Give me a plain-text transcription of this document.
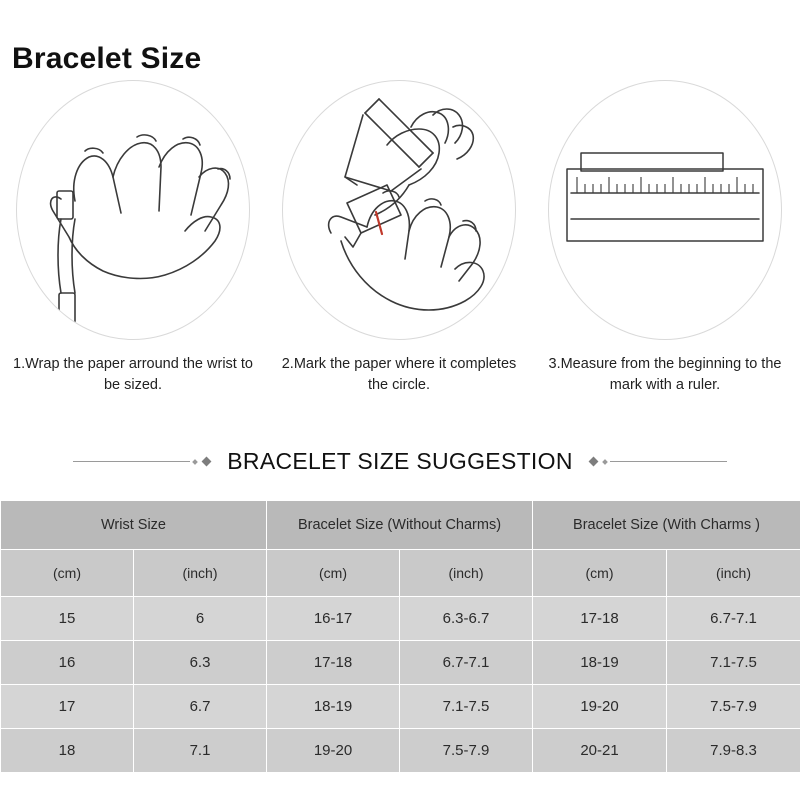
Bracelet Size
1.Wrap the paper arround the wrist to be sized.
2.Mark the paper where it completes the circle.
3.Measure from the beginning to the mark with a ruler.
BRACELET SIZE SUGGESTION
Wrist Size		Bracelet Size (Without Charms)		Bracelet Size (With Charms )	
(cm)	(inch)	(cm)	(inch)	(cm)	(inch)
15	6	16-17	6.3-6.7	17-18	6.7-7.1
16	6.3	17-18	6.7-7.1	18-19	7.1-7.5
17	6.7	18-19	7.1-7.5	19-20	7.5-7.9
18	7.1	19-20	7.5-7.9	20-21	7.9-8.3
